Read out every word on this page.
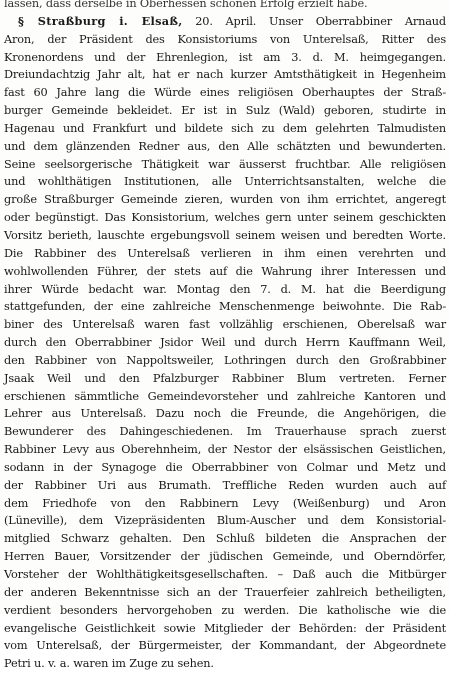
lassen, dass derselbe in Oberhessen schönen Erfolg erzielt habe.
§ Straßburg i. Elsaß, 20. April. Unser Oberrabbiner Arnaud
Aron, der Präsident des Konsistoriums von Unterelsaß, Ritter des
Kronenordens und der Ehrenlegion, ist am 3. d. M. heimgegangen.
Dreiundachtzig Jahr alt, hat er nach kurzer Amtsthätigkeit in Hegenheim
fast 60 Jahre lang die Würde eines religiösen Oberhauptes der Straß-
burger Gemeinde bekleidet. Er ist in Sulz (Wald) geboren, studirte in
Hagenau und Frankfurt und bildete sich zu dem gelehrten Talmudisten
und dem glänzenden Redner aus, den Alle schätzten und bewunderten.
Seine seelsorgerische Thätigkeit war äusserst fruchtbar. Alle religiösen
und wohlthätigen Institutionen, alle Unterrichtsanstalten, welche die
große Straßburger Gemeinde zieren, wurden von ihm errichtet, angeregt
oder begünstigt. Das Konsistorium, welches gern unter seinem geschickten
Vorsitz berieth, lauschte ergebungsvoll seinem weisen und beredten Worte.
Die Rabbiner des Unterelsaß verlieren in ihm einen verehrten und
wohlwollenden Führer, der stets auf die Wahrung ihrer Interessen und
ihrer Würde bedacht war. Montag den 7. d. M. hat die Beerdigung
stattgefunden, der eine zahlreiche Menschenmenge beiwohnte. Die Rab-
biner des Unterelsaß waren fast vollzählig erschienen, Oberelsaß war
durch den Oberrabbiner Jsidor Weil und durch Herrn Kauffmann Weil,
den Rabbiner von Nappoltsweiler, Lothringen durch den Großrabbiner
Jsaak Weil und den Pfalzburger Rabbiner Blum vertreten. Ferner
erschienen sämmtliche Gemeindevorsteher und zahlreiche Kantoren und
Lehrer aus Unterelsaß. Dazu noch die Freunde, die Angehörigen, die
Bewunderer des Dahingeschiedenen. Im Trauerhause sprach zuerst
Rabbiner Levy aus Oberehnheim, der Nestor der elsässischen Geistlichen,
sodann in der Synagoge die Oberrabbiner von Colmar und Metz und
der Rabbiner Uri aus Brumath. Treffliche Reden wurden auch auf
dem Friedhofe von den Rabbinern Levy (Weißenburg) und Aron
(Lüneville), dem Vizepräsidenten Blum-Auscher und dem Konsistorial-
mitglied Schwarz gehalten. Den Schluß bildeten die Ansprachen der
Herren Bauer, Vorsitzender der jüdischen Gemeinde, und Oberndörfer,
Vorsteher der Wohlthätigkeitsgesellschaften. – Daß auch die Mitbürger
der anderen Bekenntnisse sich an der Trauerfeier zahlreich betheiligten,
verdient besonders hervorgehoben zu werden. Die katholische wie die
evangelische Geistlichkeit sowie Mitglieder der Behörden: der Präsident
vom Unterelsaß, der Bürgermeister, der Kommandant, der Abgeordnete
Petri u. v. a. waren im Zuge zu sehen.
